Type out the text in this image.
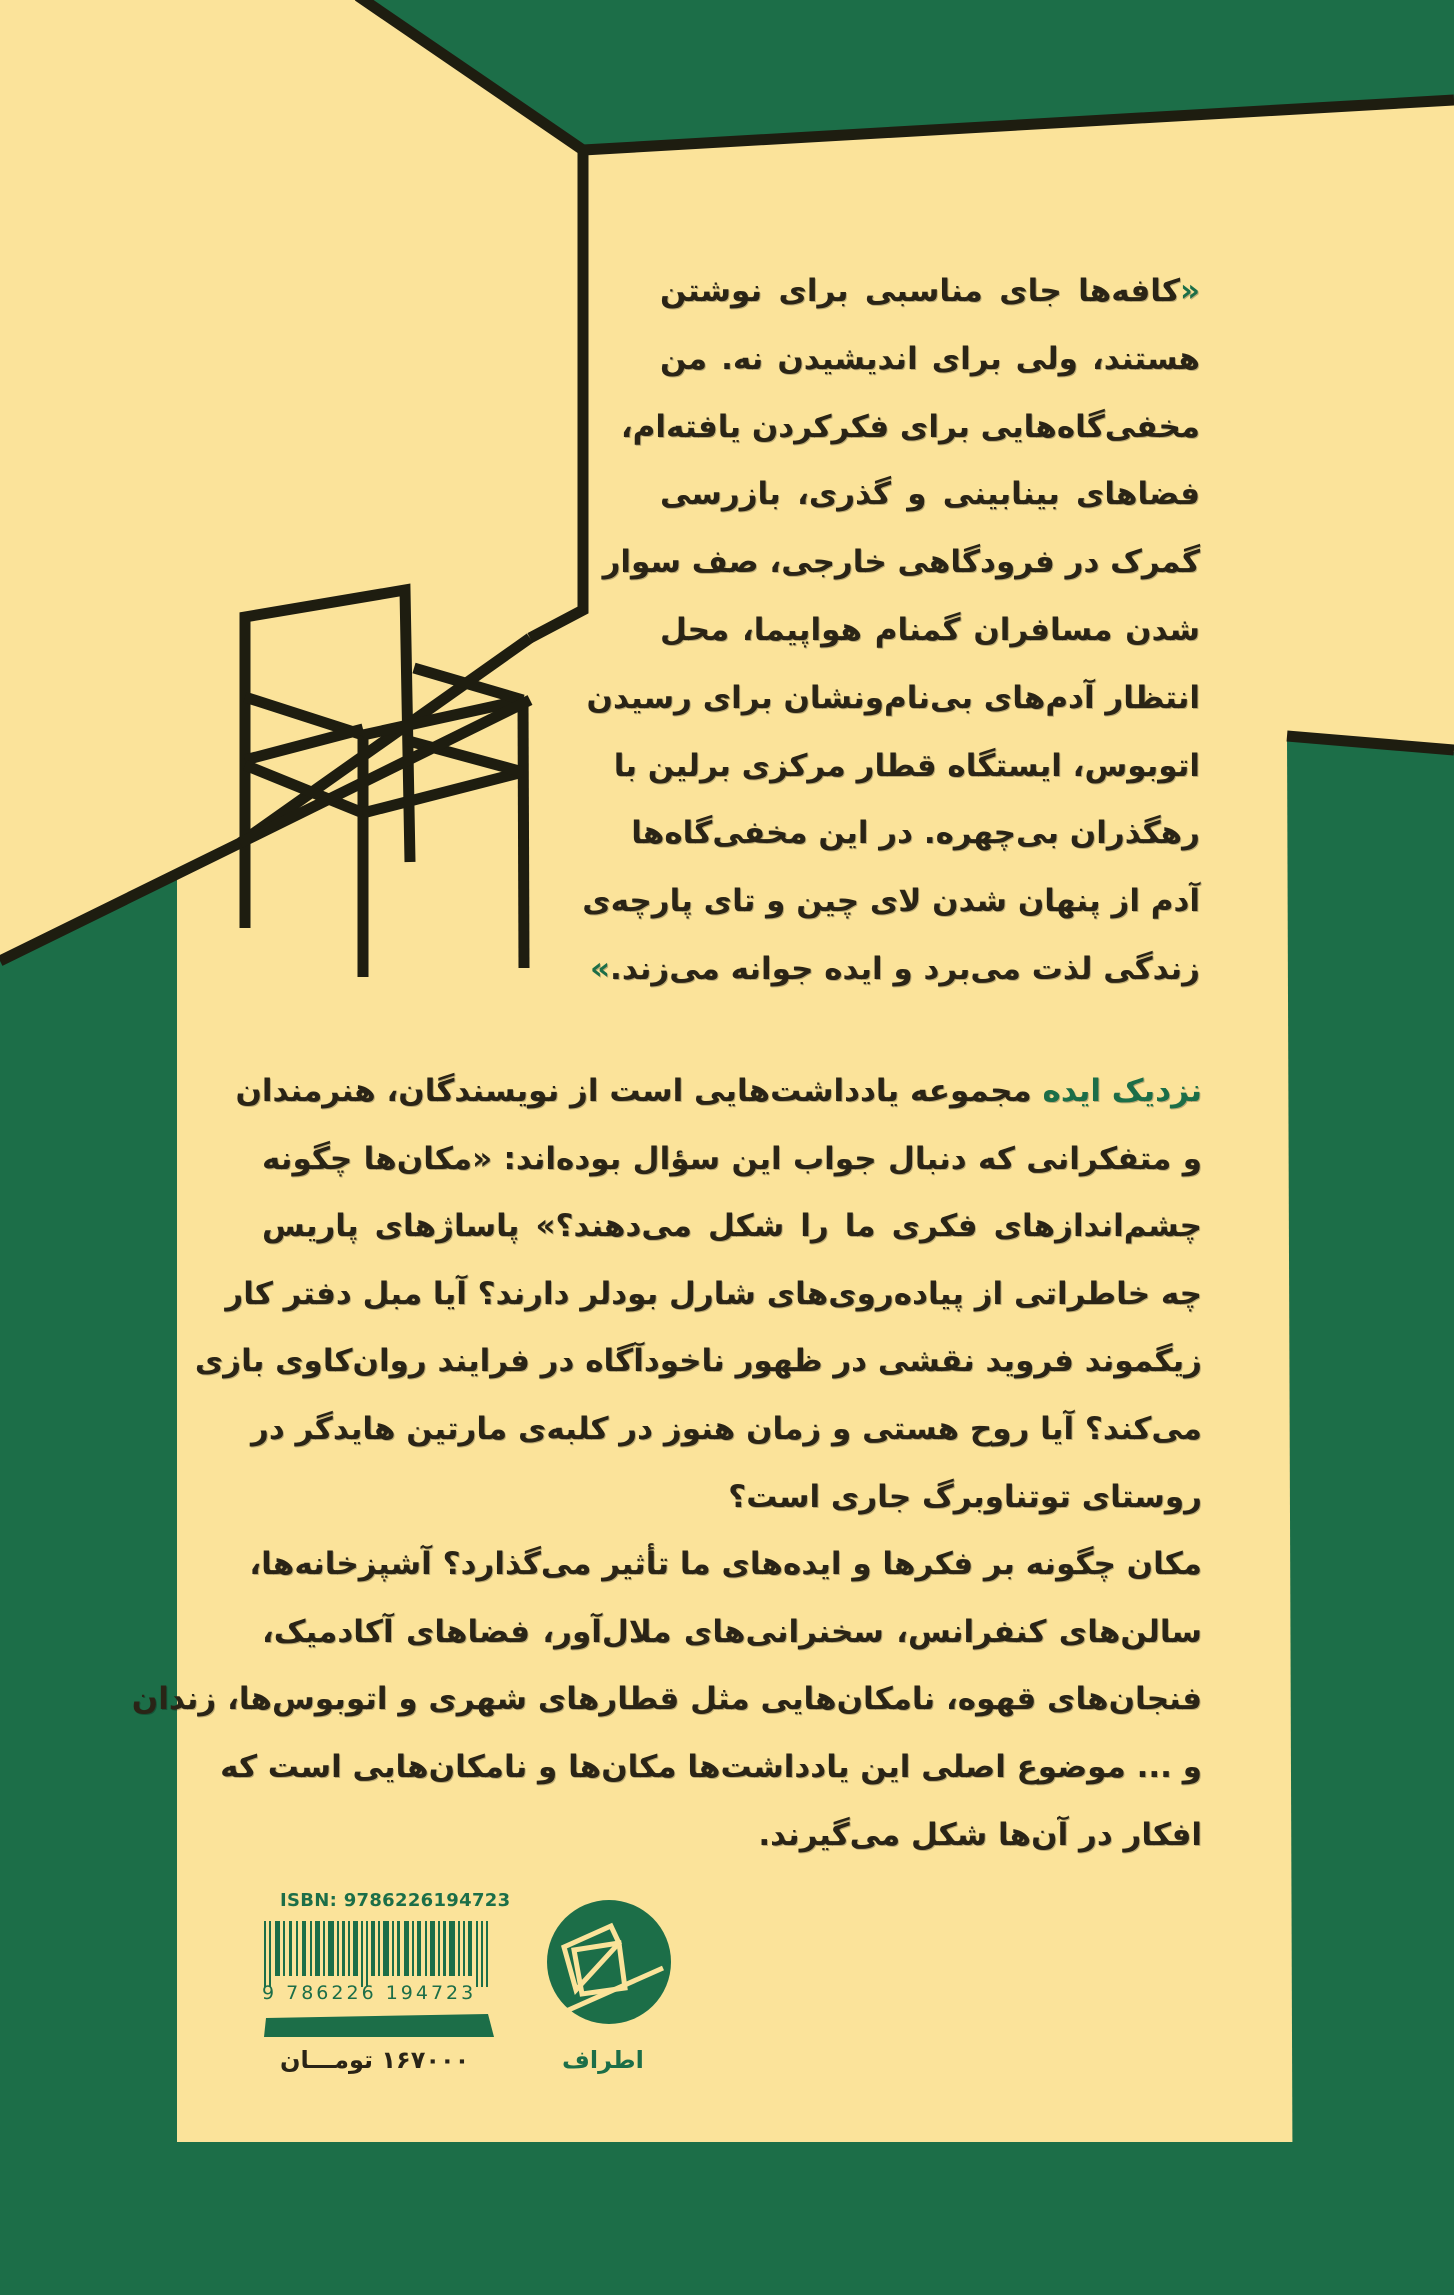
«کافه‌ها جای مناسبی برای نوشتن
هستند، ولی برای اندیشیدن نه. من
مخفی‌گاه‌هایی برای فکرکردن یافته‌ام،
فضاهای بینابینی و گذری، بازرسی
گمرک در فرودگاهی خارجی، صف سوار
شدن مسافران گمنام هواپیما، محل
انتظار آدم‌های بی‌نام‌ونشان برای رسیدن
اتوبوس، ایستگاه قطار مرکزی برلین با
رهگذران بی‌چهره. در این مخفی‌گاه‌ها
آدم از پنهان شدن لای چین و تای پارچه‌ی
زندگی لذت می‌برد و ایده جوانه می‌زند.»
نزدیک ایده مجموعه یادداشت‌هایی است از نویسندگان، هنرمندان
و متفکرانی که دنبال جواب این سؤال بوده‌اند: «مکان‌ها چگونه
چشم‌اندازهای فکری ما را شکل می‌دهند؟» پاساژهای پاریس
چه خاطراتی از پیاده‌روی‌های شارل بودلر دارند؟ آیا مبل دفتر کار
زیگموند فروید نقشی در ظهور ناخودآگاه در فرایند روان‌کاوی بازی
می‌کند؟ آیا روح هستی و زمان هنوز در کلبه‌ی مارتین هایدگر در
روستای توتناوبرگ جاری است؟
مکان چگونه بر فکرها و ایده‌های ما تأثیر می‌گذارد؟ آشپزخانه‌ها،
سالن‌های کنفرانس، سخنرانی‌های ملال‌آور، فضاهای آکادمیک،
فنجان‌های قهوه، نامکان‌هایی مثل قطارهای شهری و اتوبوس‌ها، زندان
و ... موضوع اصلی این یادداشت‌ها مکان‌ها و نامکان‌هایی است که
افکار در آن‌ها شکل می‌گیرند.
ISBN: 9786226194723
9 786226 194723
۱۶۷۰۰۰ تومـــان	اطراف
